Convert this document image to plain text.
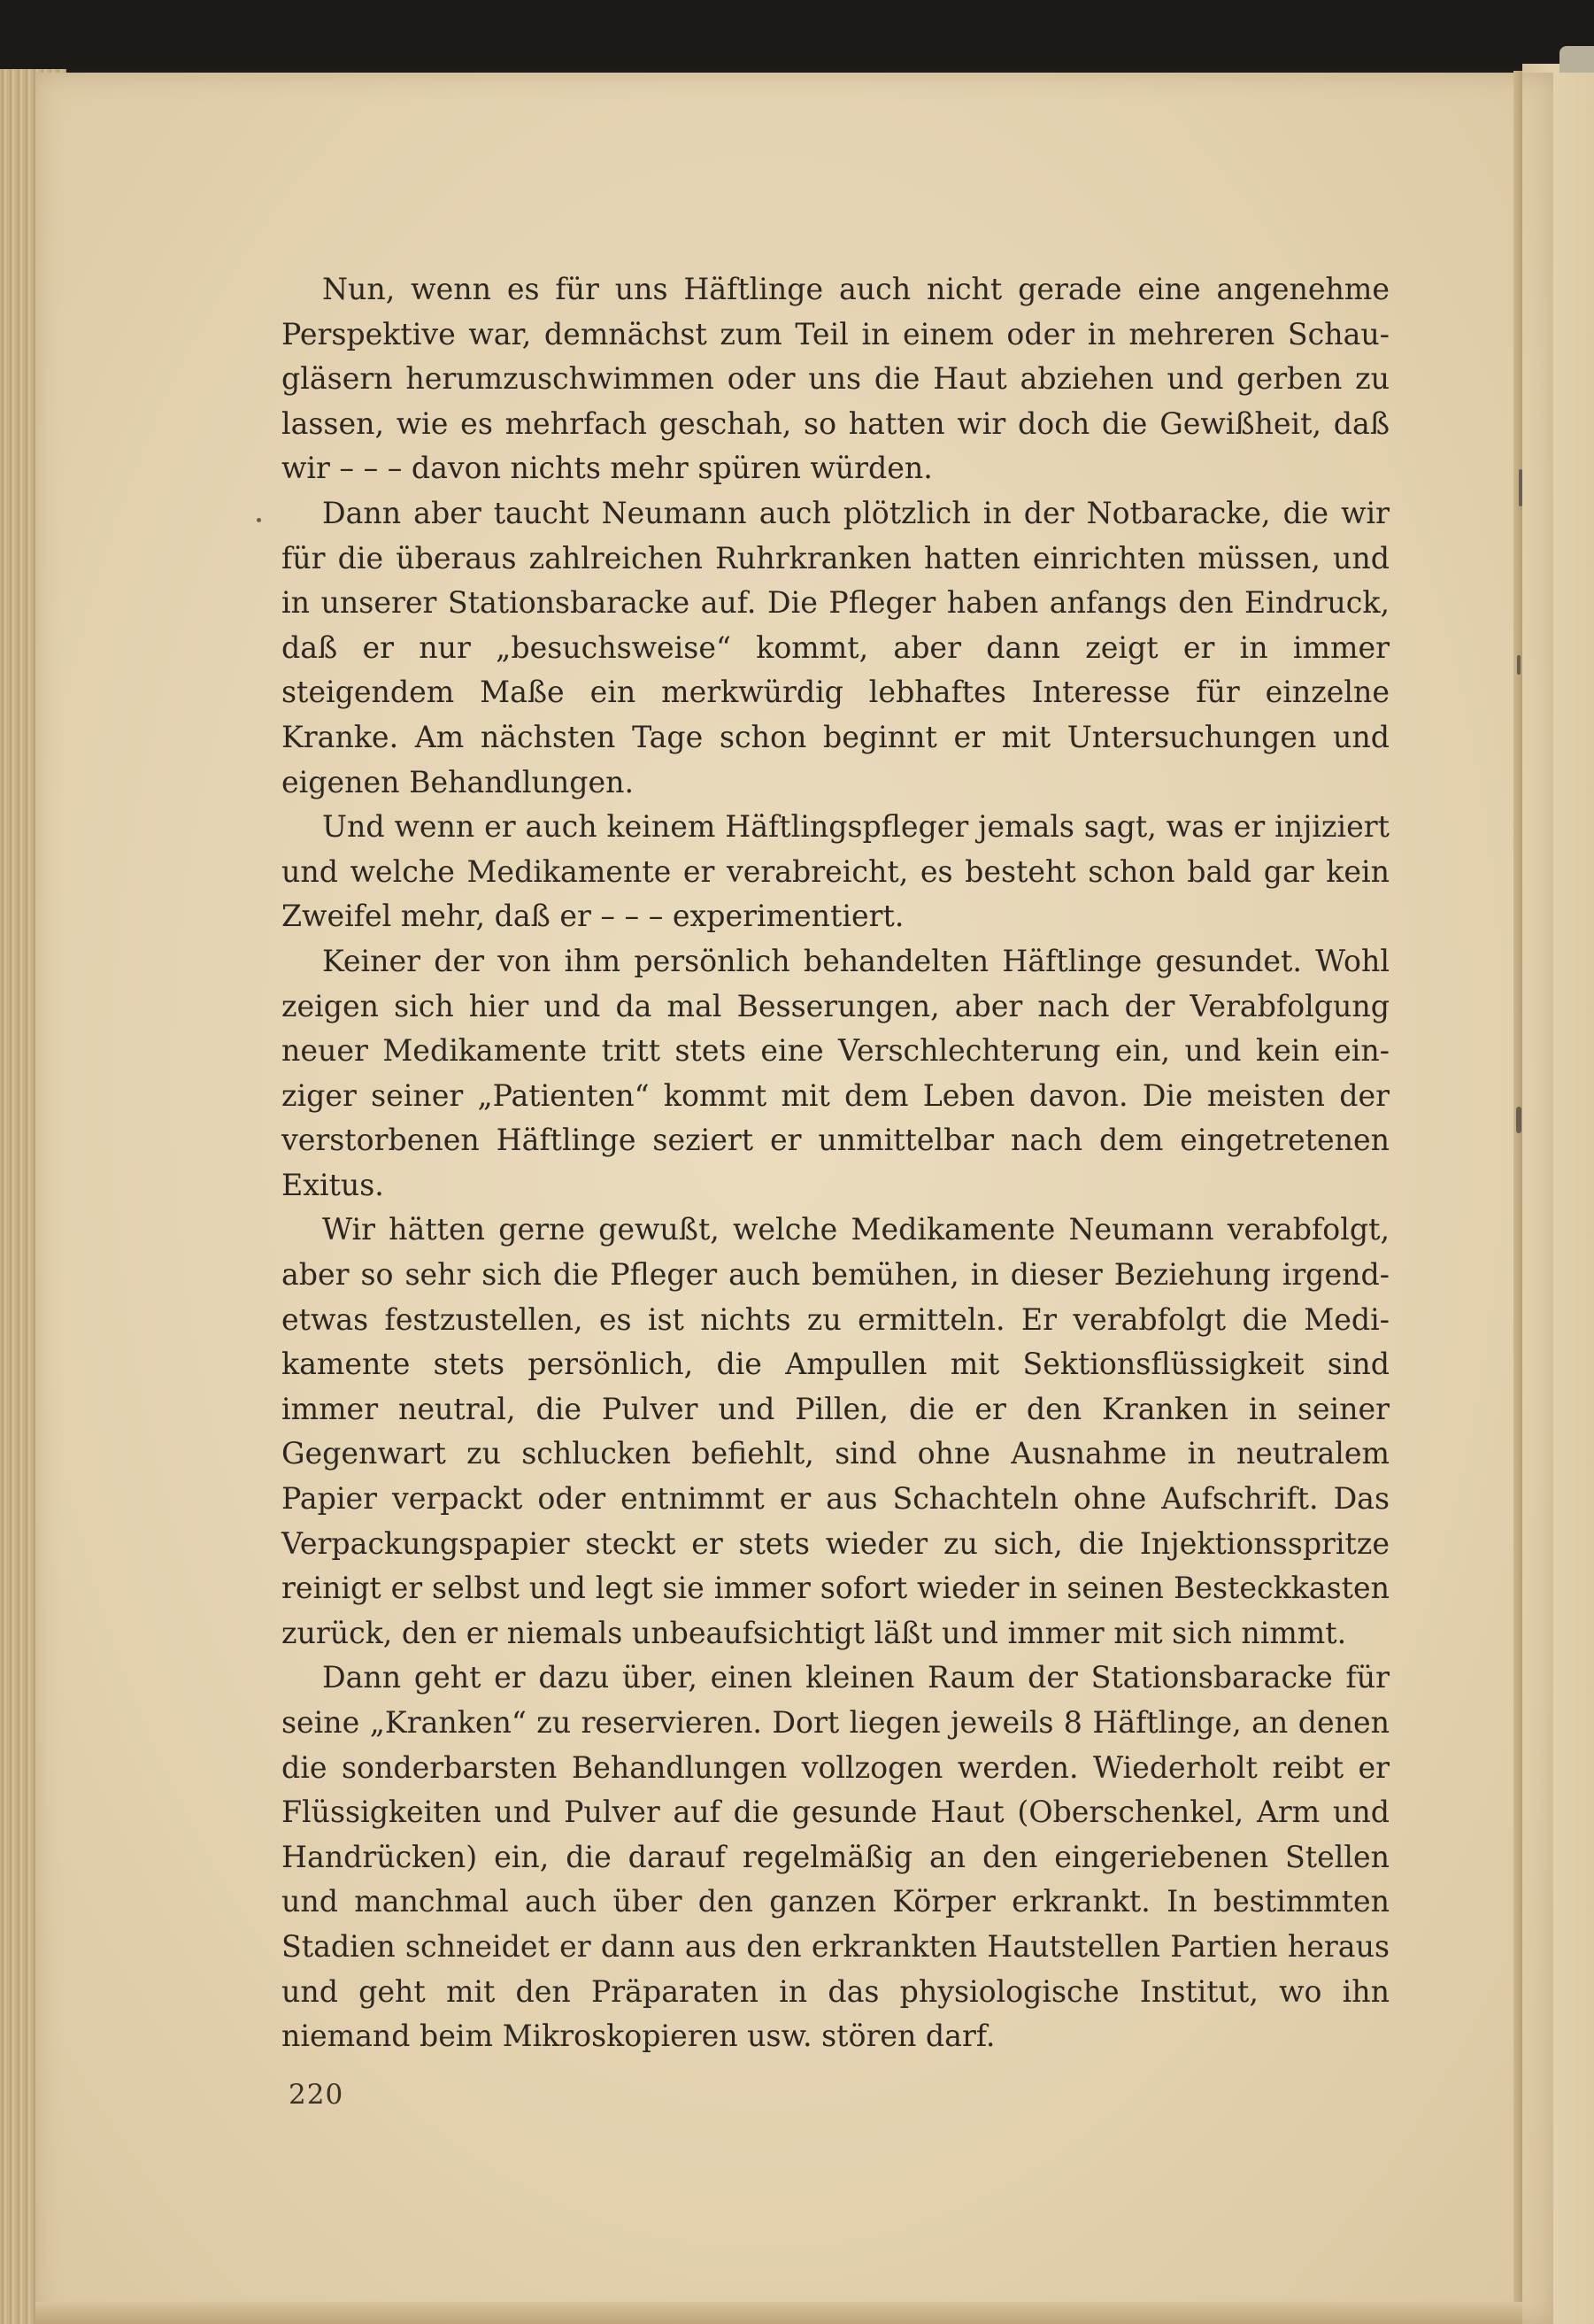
Nun, wenn es für uns Häftlinge auch nicht gerade eine angenehme Perspektive war, demnächst zum Teil in einem oder in mehreren Schaugläsern herumzuschwimmen oder uns die Haut abziehen und gerben zu lassen, wie es mehrfach geschah, so hatten wir doch die Gewißheit, daß wir – – – davon nichts mehr spüren würden.

Dann aber taucht Neumann auch plötzlich in der Notbaracke, die wir für die überaus zahlreichen Ruhrkranken hatten einrichten müssen, und in unserer Stationsbaracke auf. Die Pfleger haben anfangs den Eindruck, daß er nur „besuchsweise“ kommt, aber dann zeigt er in immer steigendem Maße ein merkwürdig lebhaftes Interesse für einzelne Kranke. Am nächsten Tage schon beginnt er mit Untersuchungen und eigenen Behandlungen.

Und wenn er auch keinem Häftlingspfleger jemals sagt, was er injiziert und welche Medikamente er verabreicht, es besteht schon bald gar kein Zweifel mehr, daß er – – – experimentiert.

Keiner der von ihm persönlich behandelten Häftlinge gesundet. Wohl zeigen sich hier und da mal Besserungen, aber nach der Verabfolgung neuer Medikamente tritt stets eine Verschlechterung ein, und kein einziger seiner „Patienten“ kommt mit dem Leben davon. Die meisten der verstorbenen Häftlinge seziert er unmittelbar nach dem eingetretenen Exitus.

Wir hätten gerne gewußt, welche Medikamente Neumann verabfolgt, aber so sehr sich die Pfleger auch bemühen, in dieser Beziehung irgendetwas festzustellen, es ist nichts zu ermitteln. Er verabfolgt die Medikamente stets persönlich, die Ampullen mit Sektionsflüssigkeit sind immer neutral, die Pulver und Pillen, die er den Kranken in seiner Gegenwart zu schlucken befiehlt, sind ohne Ausnahme in neutralem Papier verpackt oder entnimmt er aus Schachteln ohne Aufschrift. Das Verpackungspapier steckt er stets wieder zu sich, die Injektionsspritze reinigt er selbst und legt sie immer sofort wieder in seinen Besteckkasten zurück, den er niemals unbeaufsichtigt läßt und immer mit sich nimmt.

Dann geht er dazu über, einen kleinen Raum der Stationsbaracke für seine „Kranken“ zu reservieren. Dort liegen jeweils 8 Häftlinge, an denen die sonderbarsten Behandlungen vollzogen werden. Wiederholt reibt er Flüssigkeiten und Pulver auf die gesunde Haut (Oberschenkel, Arm und Handrücken) ein, die darauf regelmäßig an den eingeriebenen Stellen und manchmal auch über den ganzen Körper erkrankt. In bestimmten Stadien schneidet er dann aus den erkrankten Hautstellen Partien heraus und geht mit den Präparaten in das physiologische Institut, wo ihn niemand beim Mikroskopieren usw. stören darf.

220
